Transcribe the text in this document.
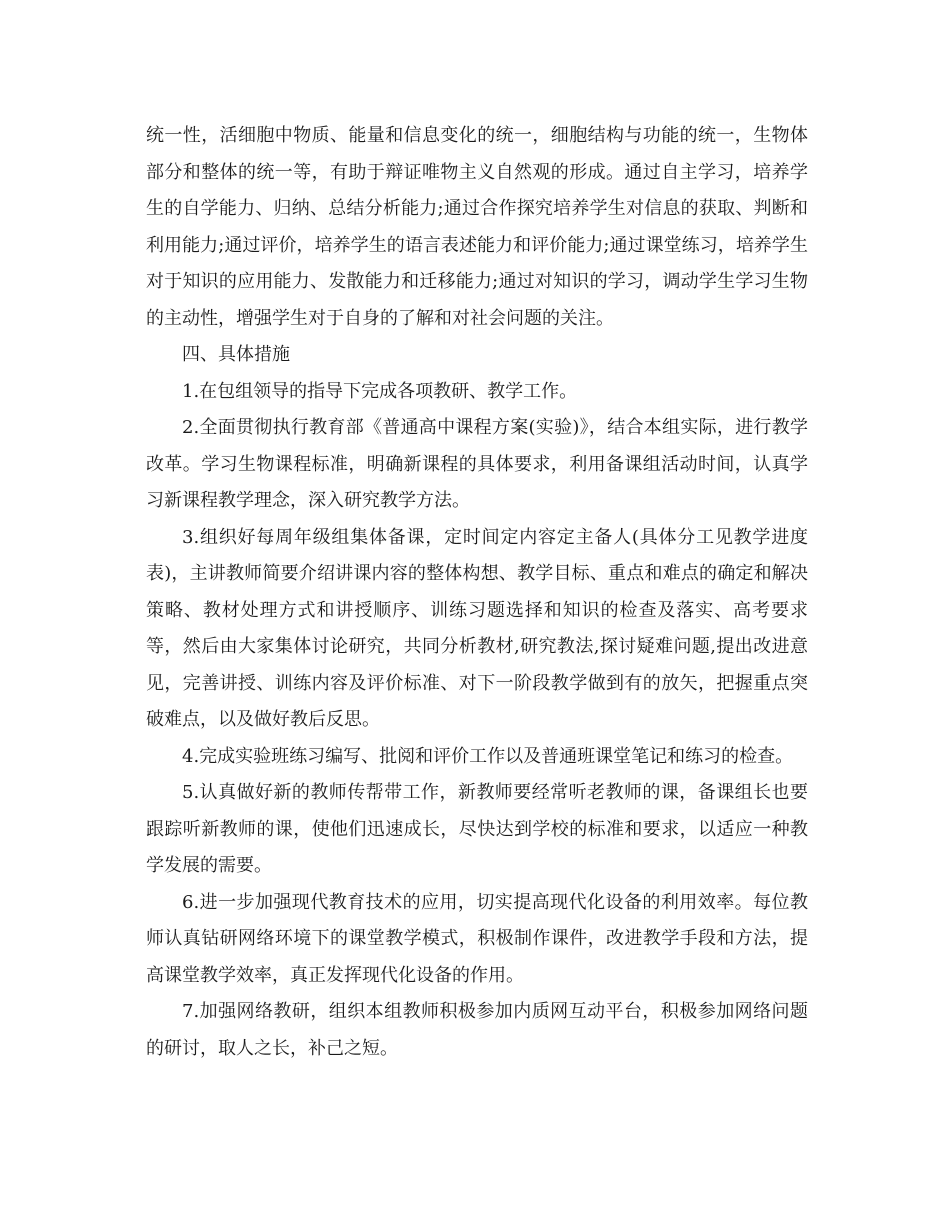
统一性，活细胞中物质、能量和信息变化的统一，细胞结构与功能的统一，生物体部分和整体的统一等，有助于辩证唯物主义自然观的形成。通过自主学习，培养学生的自学能力、归纳、总结分析能力;通过合作探究培养学生对信息的获取、判断和利用能力;通过评价，培养学生的语言表述能力和评价能力;通过课堂练习，培养学生对于知识的应用能力、发散能力和迁移能力;通过对知识的学习，调动学生学习生物的主动性，增强学生对于自身的了解和对社会问题的关注。

四、具体措施

1.在包组领导的指导下完成各项教研、教学工作。

2.全面贯彻执行教育部《普通高中课程方案(实验)》，结合本组实际，进行教学改革。学习生物课程标准，明确新课程的具体要求，利用备课组活动时间，认真学习新课程教学理念，深入研究教学方法。

3.组织好每周年级组集体备课，定时间定内容定主备人(具体分工见教学进度表)，主讲教师简要介绍讲课内容的整体构想、教学目标、重点和难点的确定和解决策略、教材处理方式和讲授顺序、训练习题选择和知识的检查及落实、高考要求等，然后由大家集体讨论研究，共同分析教材,研究教法,探讨疑难问题,提出改进意见，完善讲授、训练内容及评价标准、对下一阶段教学做到有的放矢，把握重点突破难点，以及做好教后反思。

4.完成实验班练习编写、批阅和评价工作以及普通班课堂笔记和练习的检查。

5.认真做好新的教师传帮带工作，新教师要经常听老教师的课，备课组长也要跟踪听新教师的课，使他们迅速成长，尽快达到学校的标准和要求，以适应一种教学发展的需要。

6.进一步加强现代教育技术的应用，切实提高现代化设备的利用效率。每位教师认真钻研网络环境下的课堂教学模式，积极制作课件，改进教学手段和方法，提高课堂教学效率，真正发挥现代化设备的作用。

7.加强网络教研，组织本组教师积极参加内质网互动平台，积极参加网络问题的研讨，取人之长，补己之短。
